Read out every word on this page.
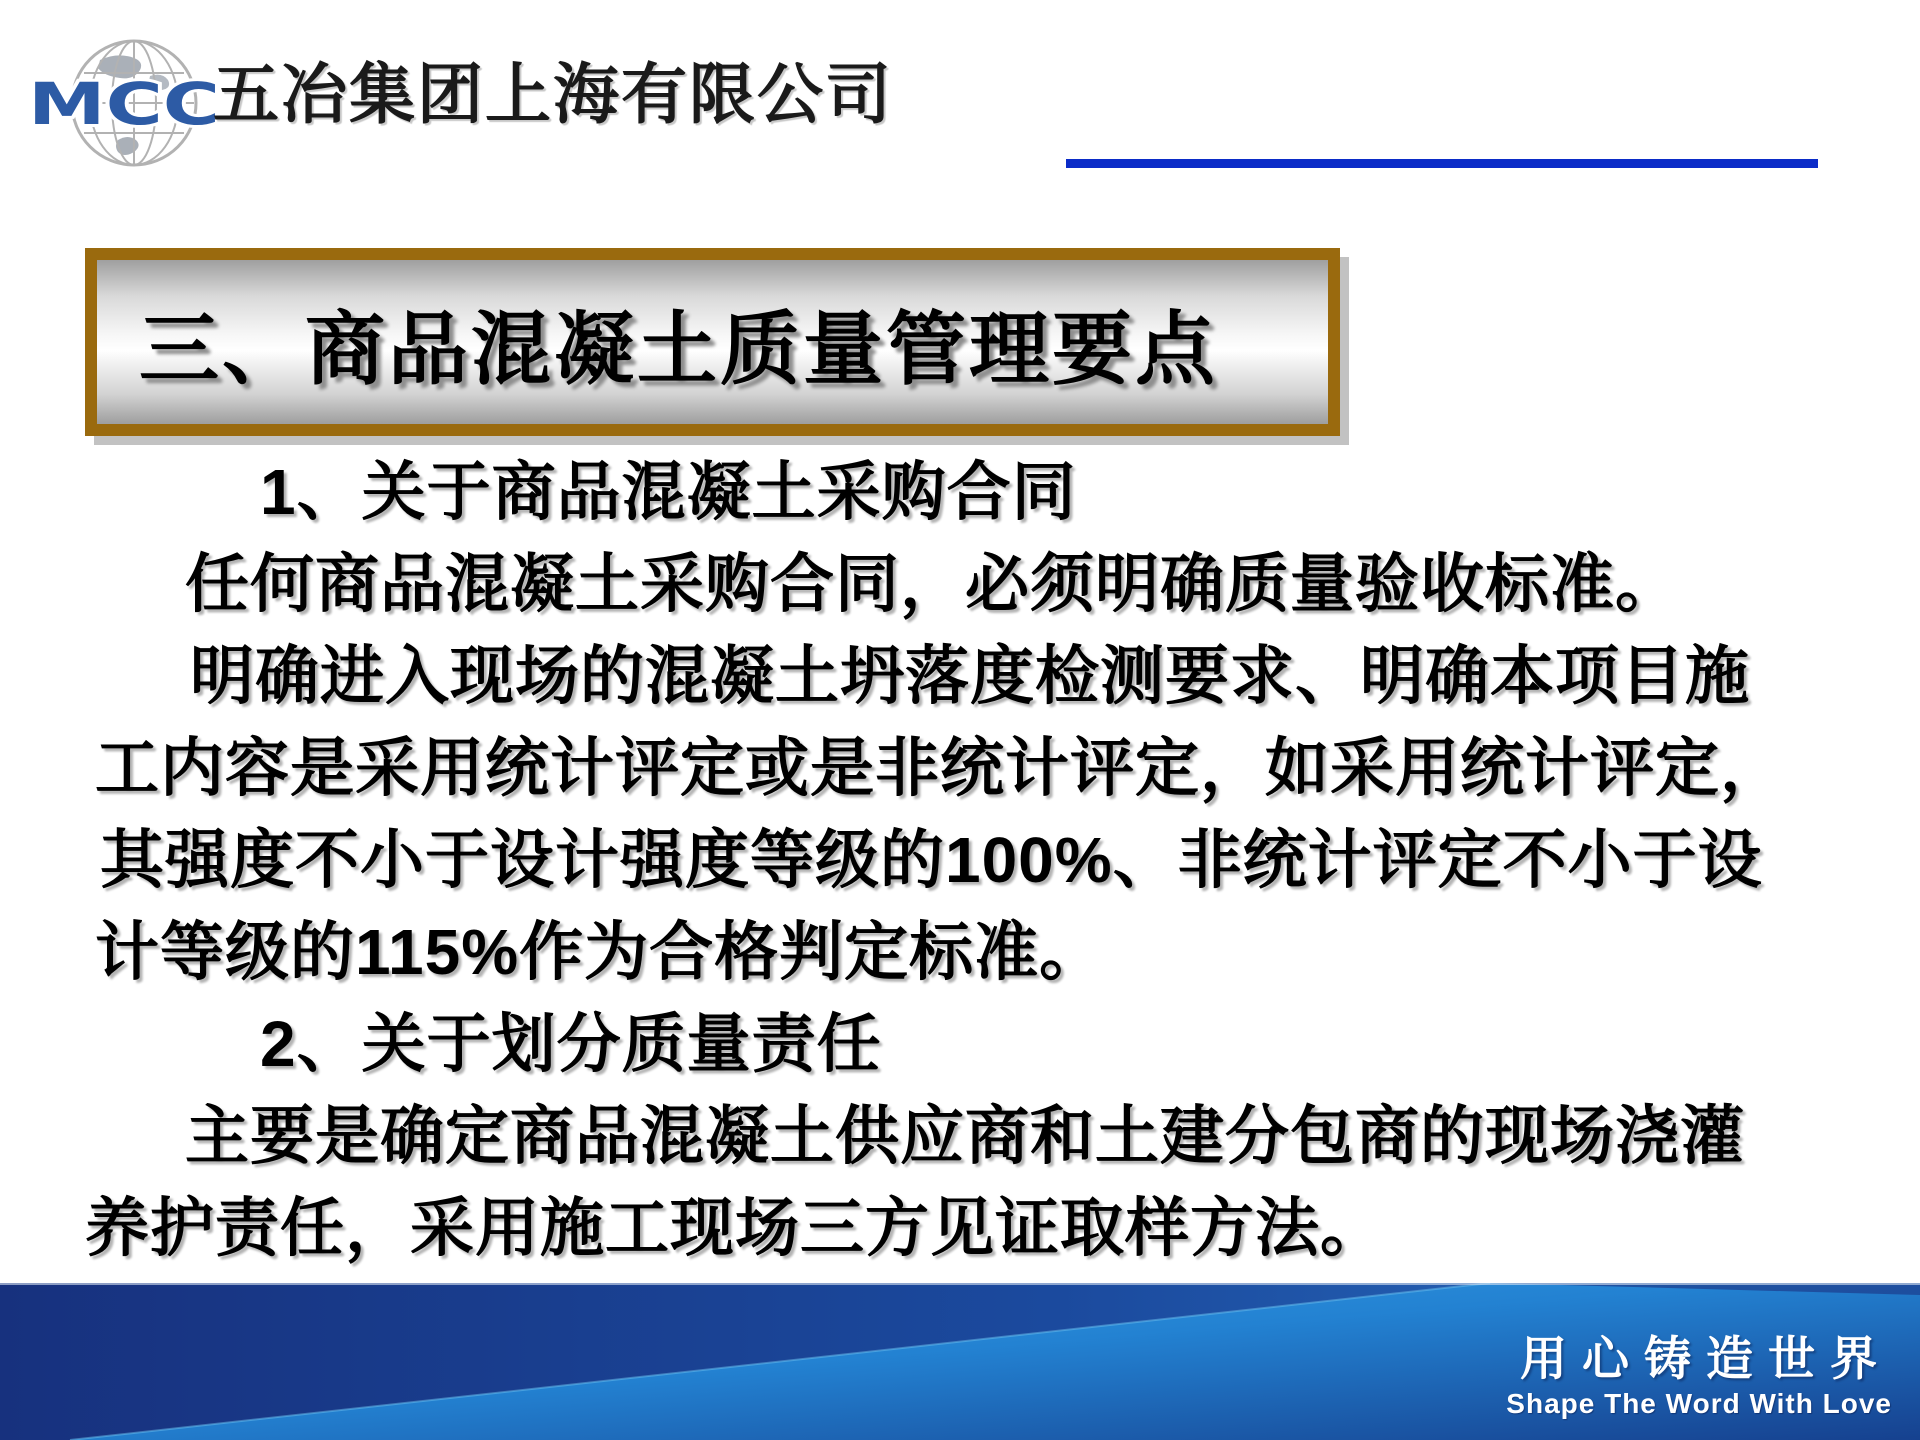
MCC
五冶集团上海有限公司
三、商品混凝土质量管理要点
1、关于商品混凝土采购合同
任何商品混凝土采购合同，必须明确质量验收标准。
明确进入现场的混凝土坍落度检测要求、明确本项目施
工内容是采用统计评定或是非统计评定，如采用统计评定，
其强度不小于设计强度等级的100%、非统计评定不小于设
计等级的115%作为合格判定标准。
2、关于划分质量责任
主要是确定商品混凝土供应商和土建分包商的现场浇灌
养护责任，采用施工现场三方见证取样方法。
用心铸造世界
Shape The Word With Love
